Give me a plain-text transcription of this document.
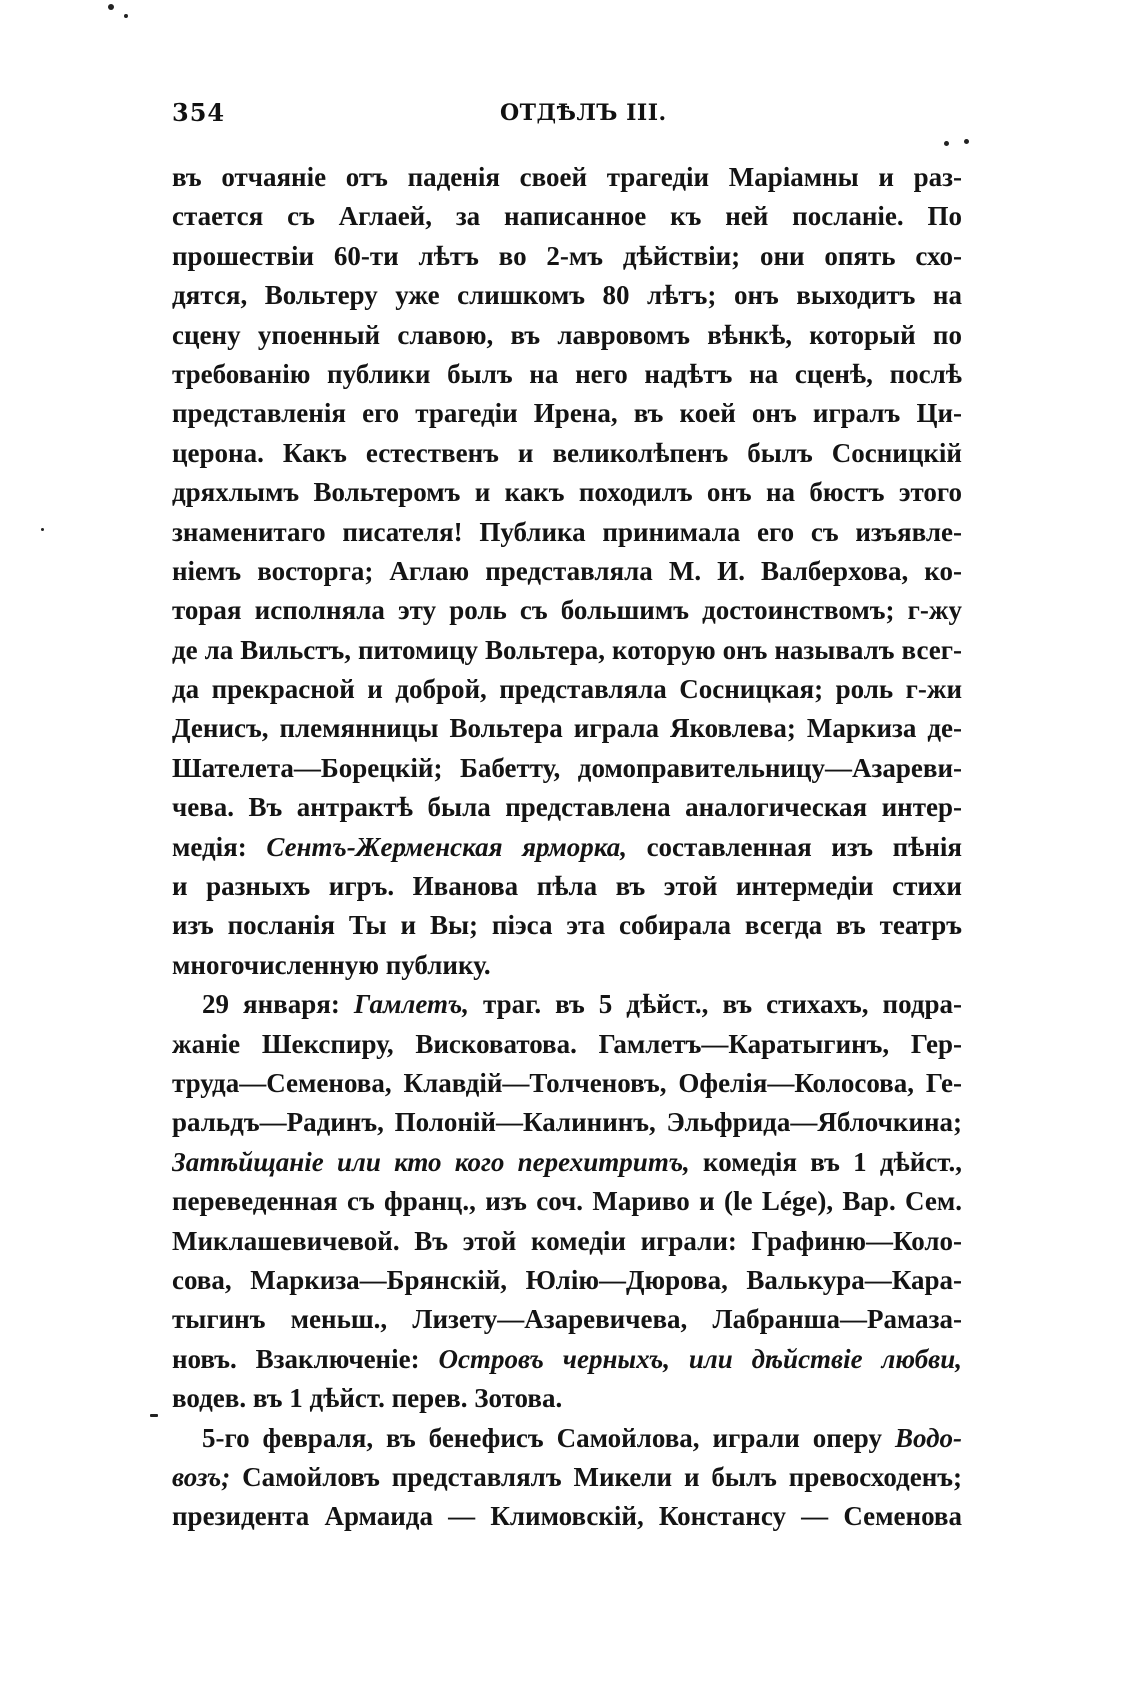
354	ОТДѢЛЪ III.
въ отчаяніе отъ паденія своей трагедіи Маріамны и раз-
стается съ Аглаей, за написанное къ ней посланіе. По
прошествіи 60-ти лѣтъ во 2-мъ дѣйствіи; они опять схо-
дятся, Вольтеру уже слишкомъ 80 лѣтъ; онъ выходитъ на
сцену упоенный славою, въ лавровомъ вѣнкѣ, который по
требованію публики былъ на него надѣтъ на сценѣ, послѣ
представленія его трагедіи Ирена, въ коей онъ игралъ Ци-
церона. Какъ естественъ и великолѣпенъ былъ Сосницкій
дряхлымъ Вольтеромъ и какъ походилъ онъ на бюстъ этого
знаменитаго писателя! Публика принимала его съ изъявле-
ніемъ восторга; Аглаю представляла М. И. Валберхова, ко-
торая исполняла эту роль съ большимъ достоинствомъ; г-жу
де ла Вильстъ, питомицу Вольтера, которую онъ называлъ всег-
да прекрасной и доброй, представляла Сосницкая; роль г-жи
Денисъ, племянницы Вольтера играла Яковлева; Маркиза де-
Шателета—Борецкій; Бабетту, домоправительницу—Азареви-
чева. Въ антрактѣ была представлена аналогическая интер-
медія: Сентъ-Жерменская ярморка, составленная изъ пѣнія
и разныхъ игръ. Иванова пѣла въ этой интермедіи стихи
изъ посланія Ты и Вы; піэса эта собирала всегда въ театръ
многочисленную публику.
29 января: Гамлетъ, траг. въ 5 дѣйст., въ стихахъ, подра-
жаніе Шекспиру, Висковатова. Гамлетъ—Каратыгинъ, Гер-
труда—Семенова, Клавдій—Толченовъ, Офелія—Колосова, Ге-
ральдъ—Радинъ, Полоній—Калининъ, Эльфрида—Яблочкина;
Затѣйщаніе или кто кого перехитритъ, комедія въ 1 дѣйст.,
переведенная съ франц., изъ соч. Мариво и (le Lége), Вар. Сем.
Миклашевичевой. Въ этой комедіи играли: Графиню—Коло-
сова, Маркиза—Брянскій, Юлію—Дюрова, Валькура—Кара-
тыгинъ меньш., Лизету—Азаревичева, Лабранша—Рамаза-
новъ. Взаключеніе: Островъ черныхъ, или дѣйствіе любви,
водев. въ 1 дѣйст. перев. Зотова.
5-го февраля, въ бенефисъ Самойлова, играли оперу Водо-
возъ; Самойловъ представлялъ Микели и былъ превосходенъ;
президента Армаида — Климовскій, Констансу — Семенова
